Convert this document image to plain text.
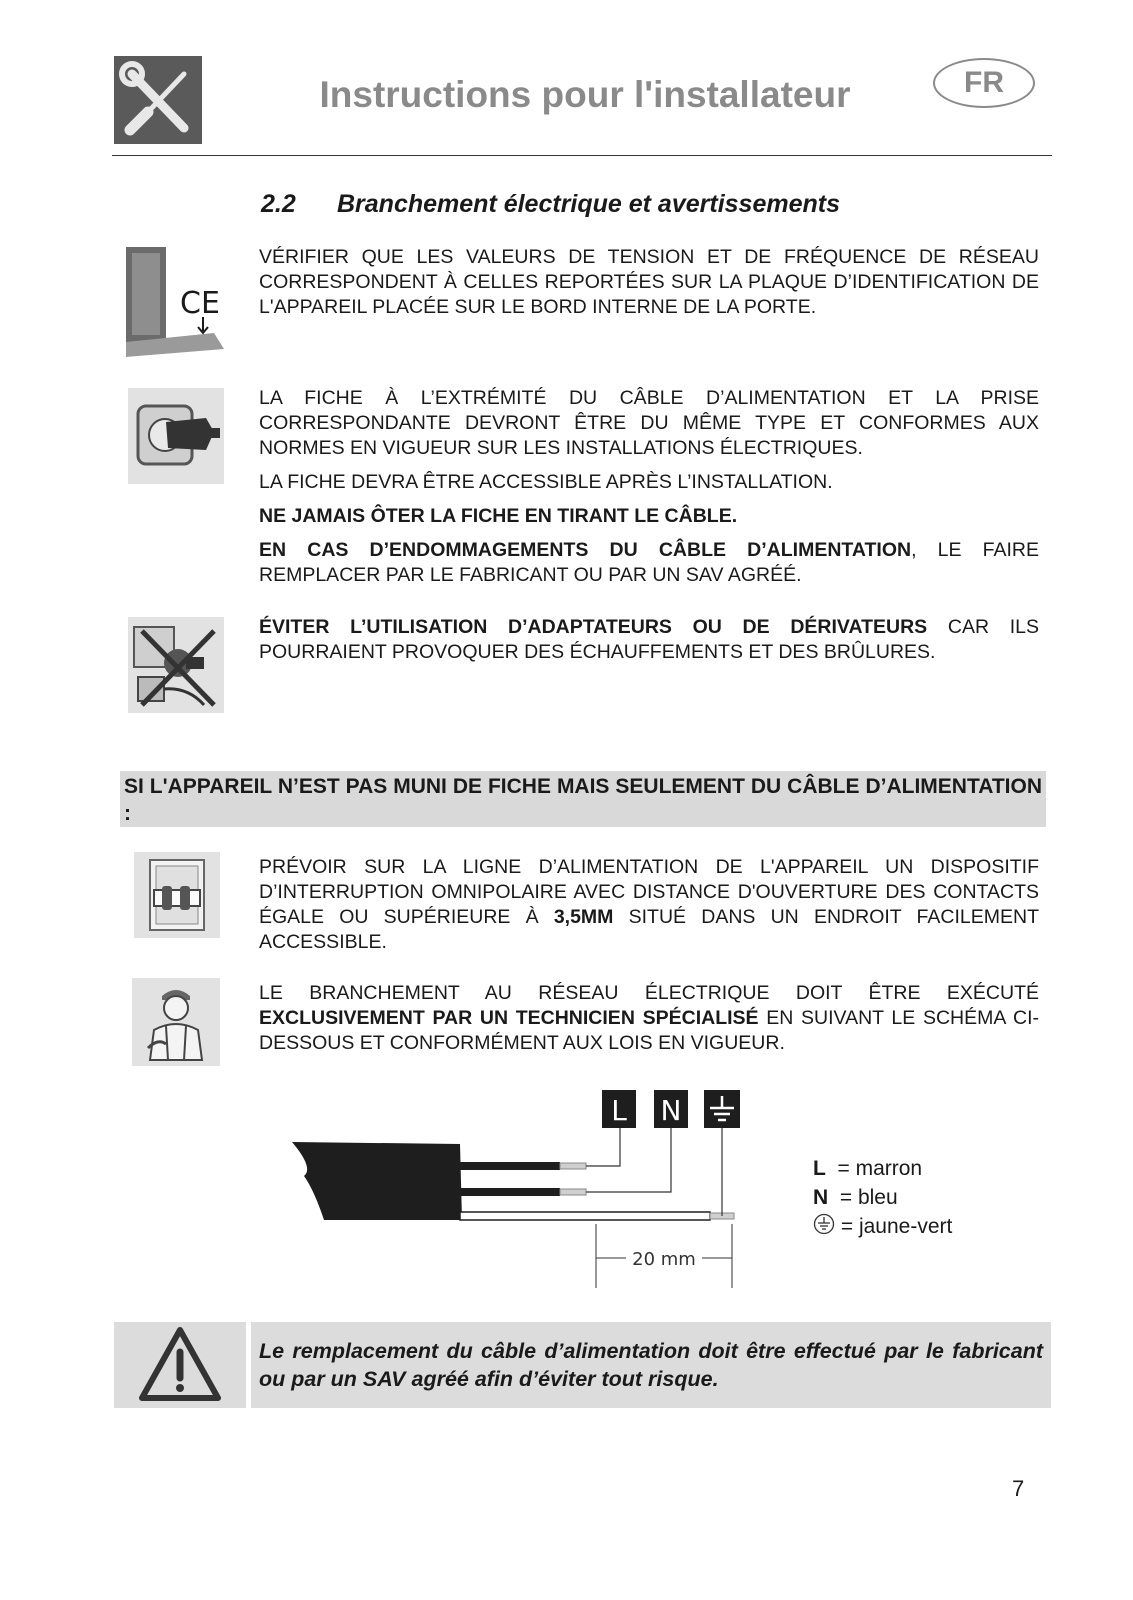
Instructions pour l'installateur	FR
2.2 Branchement électrique et avertissements
CE
VÉRIFIER QUE LES VALEURS DE TENSION ET DE FRÉQUENCE DE RÉSEAU CORRESPONDENT À CELLES REPORTÉES SUR LA PLAQUE D’IDENTIFICATION DE L'APPAREIL PLACÉE SUR LE BORD INTERNE DE LA PORTE.
LA FICHE À L’EXTRÉMITÉ DU CÂBLE D’ALIMENTATION ET LA PRISE CORRESPONDANTE DEVRONT ÊTRE DU MÊME TYPE ET CONFORMES AUX NORMES EN VIGUEUR SUR LES INSTALLATIONS ÉLECTRIQUES.
LA FICHE DEVRA ÊTRE ACCESSIBLE APRÈS L’INSTALLATION.
NE JAMAIS ÔTER LA FICHE EN TIRANT LE CÂBLE.
EN CAS D’ENDOMMAGEMENTS DU CÂBLE D’ALIMENTATION, LE FAIRE REMPLACER PAR LE FABRICANT OU PAR UN SAV AGRÉÉ.
ÉVITER L’UTILISATION D’ADAPTATEURS OU DE DÉRIVATEURS CAR ILS POURRAIENT PROVOQUER DES ÉCHAUFFEMENTS ET DES BRÛLURES.
SI L'APPAREIL N’EST PAS MUNI DE FICHE MAIS SEULEMENT DU CÂBLE D’ALIMENTATION :
PRÉVOIR SUR LA LIGNE D’ALIMENTATION DE L'APPAREIL UN DISPOSITIF D’INTERRUPTION OMNIPOLAIRE AVEC DISTANCE D'OUVERTURE DES CONTACTS ÉGALE OU SUPÉRIEURE À 3,5MM SITUÉ DANS UN ENDROIT FACILEMENT ACCESSIBLE.
LE BRANCHEMENT AU RÉSEAU ÉLECTRIQUE DOIT ÊTRE EXÉCUTÉ EXCLUSIVEMENT PAR UN TECHNICIEN SPÉCIALISÉ EN SUIVANT LE SCHÉMA CI-DESSOUS ET CONFORMÉMENT AUX LOIS EN VIGUEUR.
L N
20 mm
L = marron
N = bleu
= jaune-vert
Le remplacement du câble d’alimentation doit être effectué par le fabricant ou par un SAV agréé afin d’éviter tout risque.
7
